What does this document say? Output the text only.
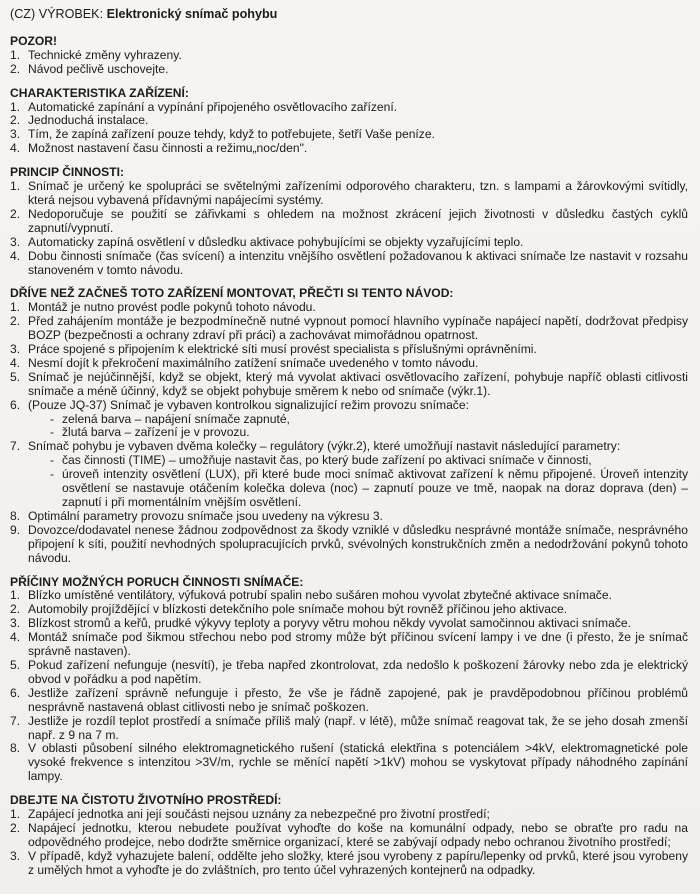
(CZ) VÝROBEK: Elektronický snímač pohybu
POZOR!
1. Technické změny vyhrazeny.
2. Návod pečlivě uschovejte.
CHARAKTERISTIKA ZAŘÍZENÍ:
1. Automatické zapínání a vypínání připojeného osvětlovacího zařízení.
2. Jednoduchá instalace.
3. Tím, že zapíná zařízení pouze tehdy, když to potřebujete, šetří Vaše peníze.
4. Možnost nastavení času činnosti a režimu„noc/den".
PRINCIP ČINNOSTI:
1. Snímač je určený ke spolupráci se světelnými zařízeními odporového charakteru, tzn. s lampami a žárovkovými svítidly, která nejsou vybavená přídavnými napájecími systémy.
2. Nedoporučuje se použití se zářivkami s ohledem na možnost zkrácení jejich životnosti v důsledku častých cyklů zapnutí/vypnutí.
3. Automaticky zapíná osvětlení v důsledku aktivace pohybujícími se objekty vyzařujícími teplo.
4. Dobu činnosti snímače (čas svícení) a intenzitu vnějšího osvětlení požadovanou k aktivaci snímače lze nastavit v rozsahu stanoveném v tomto návodu.
DŘÍVE NEŽ ZAČNEŠ TOTO ZAŘÍZENÍ MONTOVAT, PŘEČTI SI TENTO NÁVOD:
1. Montáž je nutno provést podle pokynů tohoto návodu.
2. Před zahájením montáže je bezpodmínečně nutné vypnout pomocí hlavního vypínače napájecí napětí, dodržovat předpisy BOZP (bezpečnosti a ochrany zdraví při práci) a zachovávat mimořádnou opatrnost.
3. Práce spojené s připojením k elektrické síti musí provést specialista s příslušnými oprávněními.
4. Nesmí dojít k překročení maximálního zatížení snímače uvedeného v tomto návodu.
5. Snímač je nejúčinnější, když se objekt, který má vyvolat aktivaci osvětlovacího zařízení, pohybuje napříč oblasti citlivosti snímače a méně účinný, když se objekt pohybuje směrem k nebo od snímače (výkr.1).
6. (Pouze JQ-37) Snímač je vybaven kontrolkou signalizující režim provozu snímače:
- zelená barva – napájení snímače zapnuté,
- žlutá barva – zařízení je v provozu.
7. Snímač pohybu je vybaven dvěma kolečky – regulátory (výkr.2), které umožňují nastavit následující parametry:
- čas činnosti (TIME) – umožňuje nastavit čas, po který bude zařízení po aktivaci snímače v činnosti,
- úroveň intenzity osvětlení (LUX), při které bude moci snímač aktivovat zařízení k němu připojené. Úroveň intenzity osvětlení se nastavuje otáčením kolečka doleva (noc) – zapnutí pouze ve tmě, naopak na doraz doprava (den) – zapnutí i při momentálním vnějším osvětlení.
8. Optimální parametry provozu snímače jsou uvedeny na výkresu 3.
9. Dovozce/dodavatel nenese žádnou zodpovědnost za škody vzniklé v důsledku nesprávné montáže snímače, nesprávného připojení k síti, použití nevhodných spolupracujících prvků, svévolných konstrukčních změn a nedodržování pokynů tohoto návodu.
PŘÍČINY MOŽNÝCH PORUCH ČINNOSTI SNÍMAČE:
1. Blízko umístěné ventilátory, výfuková potrubí spalin nebo sušáren mohou vyvolat zbytečné aktivace snímače.
2. Automobily projíždějící v blízkosti detekčního pole snímače mohou být rovněž příčinou jeho aktivace.
3. Blízkost stromů a keřů, prudké výkyvy teploty a poryvy větru mohou někdy vyvolat samočinnou aktivaci snímače.
4. Montáž snímače pod šikmou střechou nebo pod stromy může být příčinou svícení lampy i ve dne (i přesto, že je snímač správně nastaven).
5. Pokud zařízení nefunguje (nesvítí), je třeba napřed zkontrolovat, zda nedošlo k poškození žárovky nebo zda je elektrický obvod v pořádku a pod napětím.
6. Jestliže zařízení správně nefunguje i přesto, že vše je řádně zapojené, pak je pravděpodobnou příčinou problémů nesprávně nastavená oblast citlivosti nebo je snímač poškozen.
7. Jestliže je rozdíl teplot prostředí a snímače příliš malý (např. v létě), může snímač reagovat tak, že se jeho dosah zmenší např. z 9 na 7 m.
8. V oblasti působení silného elektromagnetického rušení (statická elektřina s potenciálem >4kV, elektromagnetické pole vysoké frekvence s intenzitou >3V/m, rychle se měnící napětí >1kV) mohou se vyskytovat případy náhodného zapínání lampy.
DBEJTE NA ČISTOTU ŽIVOTNÍHO PROSTŘEDÍ:
1. Zapájecí jednotka ani její součásti nejsou uznány za nebezpečné pro životní prostředí;
2. Napájecí jednotku, kterou nebudete používat vyhoďte do koše na komunální odpady, nebo se obraťte pro radu na odpovědného prodejce, nebo dodržte směrnice organizací, které se zabývají odpady nebo ochranou životního prostředí;
3. V případě, když vyhazujete balení, oddělte jeho složky, které jsou vyrobeny z papíru/lepenky od prvků, které jsou vyrobeny z umělých hmot a vyhoďte je do zvláštních, pro tento účel vyhrazených kontejnerů na odpadky.
